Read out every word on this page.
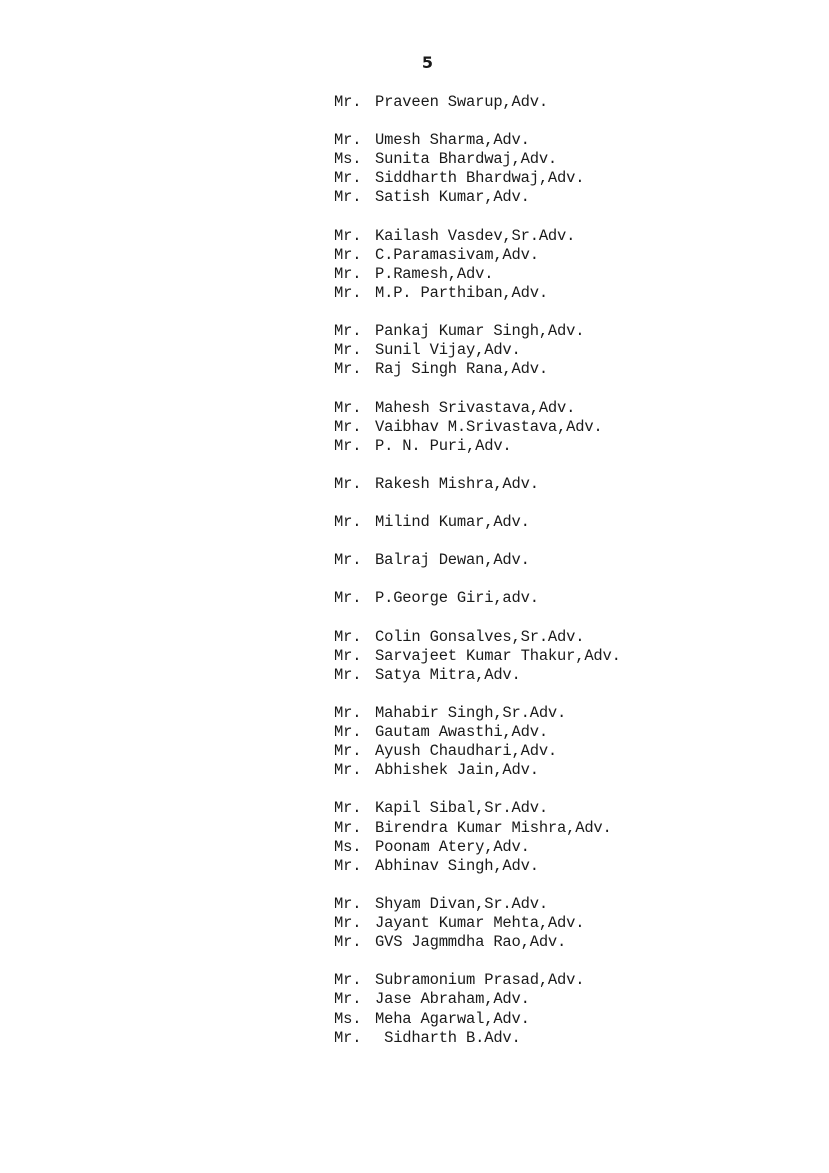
5
Mr. Praveen Swarup,Adv.
Mr. Umesh Sharma,Adv.
Ms. Sunita Bhardwaj,Adv.
Mr. Siddharth Bhardwaj,Adv.
Mr. Satish Kumar,Adv.
Mr. Kailash Vasdev,Sr.Adv.
Mr. C.Paramasivam,Adv.
Mr. P.Ramesh,Adv.
Mr. M.P. Parthiban,Adv.
Mr. Pankaj Kumar Singh,Adv.
Mr. Sunil Vijay,Adv.
Mr. Raj Singh Rana,Adv.
Mr. Mahesh Srivastava,Adv.
Mr. Vaibhav M.Srivastava,Adv.
Mr. P. N. Puri,Adv.
Mr. Rakesh Mishra,Adv.
Mr. Milind Kumar,Adv.
Mr. Balraj Dewan,Adv.
Mr. P.George Giri,adv.
Mr. Colin Gonsalves,Sr.Adv.
Mr. Sarvajeet Kumar Thakur,Adv.
Mr. Satya Mitra,Adv.
Mr. Mahabir Singh,Sr.Adv.
Mr. Gautam Awasthi,Adv.
Mr. Ayush Chaudhari,Adv.
Mr. Abhishek Jain,Adv.
Mr. Kapil Sibal,Sr.Adv.
Mr. Birendra Kumar Mishra,Adv.
Ms. Poonam Atery,Adv.
Mr. Abhinav Singh,Adv.
Mr. Shyam Divan,Sr.Adv.
Mr. Jayant Kumar Mehta,Adv.
Mr. GVS Jagmmdha Rao,Adv.
Mr. Subramonium Prasad,Adv.
Mr. Jase Abraham,Adv.
Ms. Meha Agarwal,Adv.
Mr. Sidharth B.Adv.
